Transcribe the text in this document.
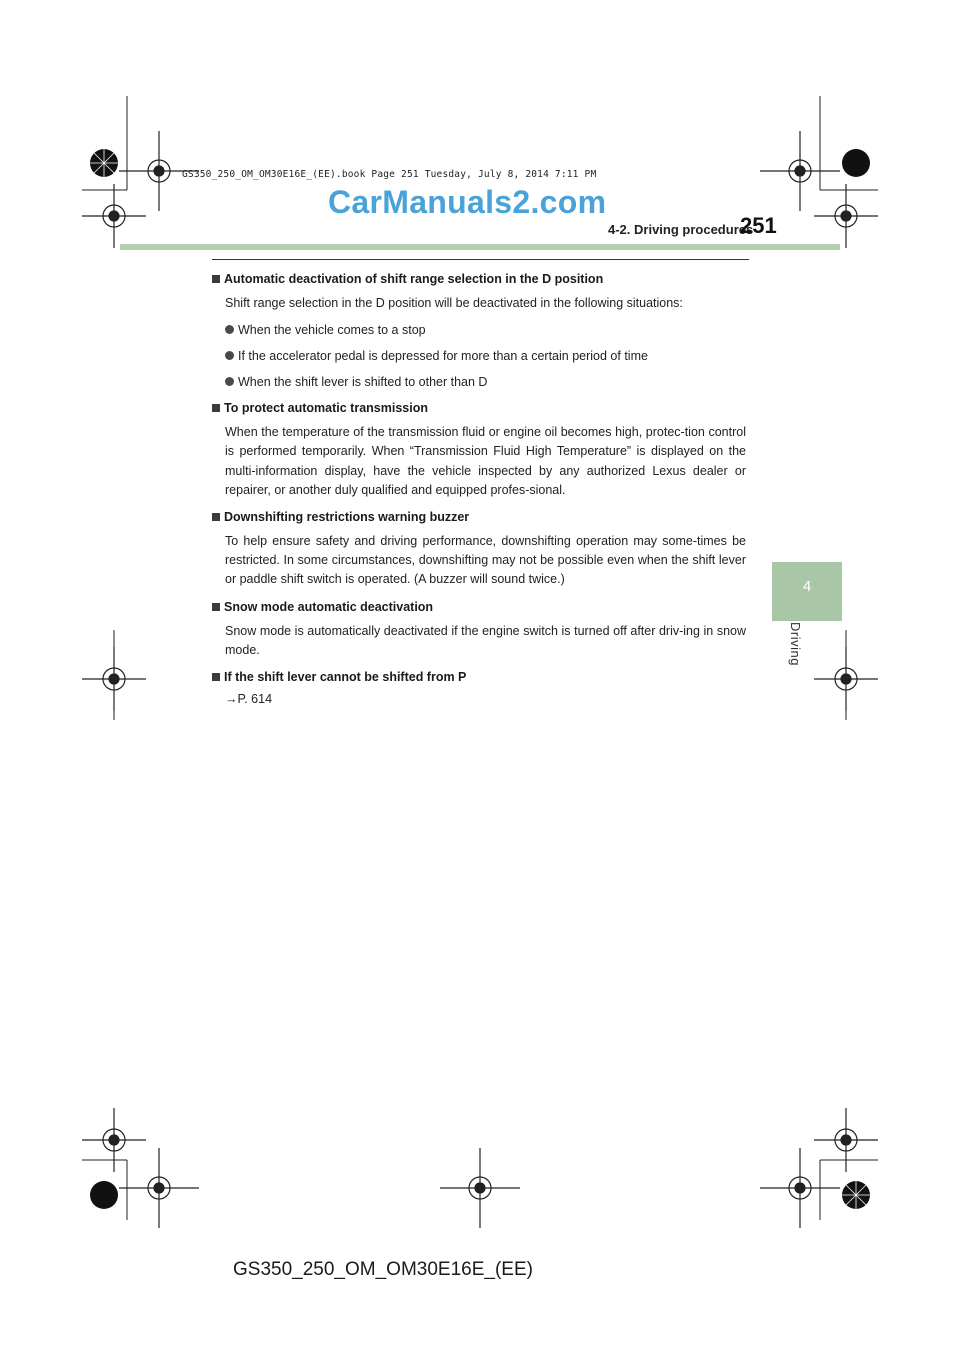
GS350_250_OM_OM30E16E_(EE).book Page 251 Tuesday, July 8, 2014 7:11 PM
CarManuals2.com
4-2. Driving procedures
251
4
Driving
Automatic deactivation of shift range selection in the D position
Shift range selection in the D position will be deactivated in the following situations:
When the vehicle comes to a stop
If the accelerator pedal is depressed for more than a certain period of time
When the shift lever is shifted to other than D
To protect automatic transmission
When the temperature of the transmission fluid or engine oil becomes high, protec-tion control is performed temporarily. When “Transmission Fluid High Temperature” is displayed on the multi-information display, have the vehicle inspected by any authorized Lexus dealer or repairer, or another duly qualified and equipped profes-sional.
Downshifting restrictions warning buzzer
To help ensure safety and driving performance, downshifting operation may some-times be restricted. In some circumstances, downshifting may not be possible even when the shift lever or paddle shift switch is operated. (A buzzer will sound twice.)
Snow mode automatic deactivation
Snow mode is automatically deactivated if the engine switch is turned off after driv-ing in snow mode.
If the shift lever cannot be shifted from P
→P. 614
GS350_250_OM_OM30E16E_(EE)
